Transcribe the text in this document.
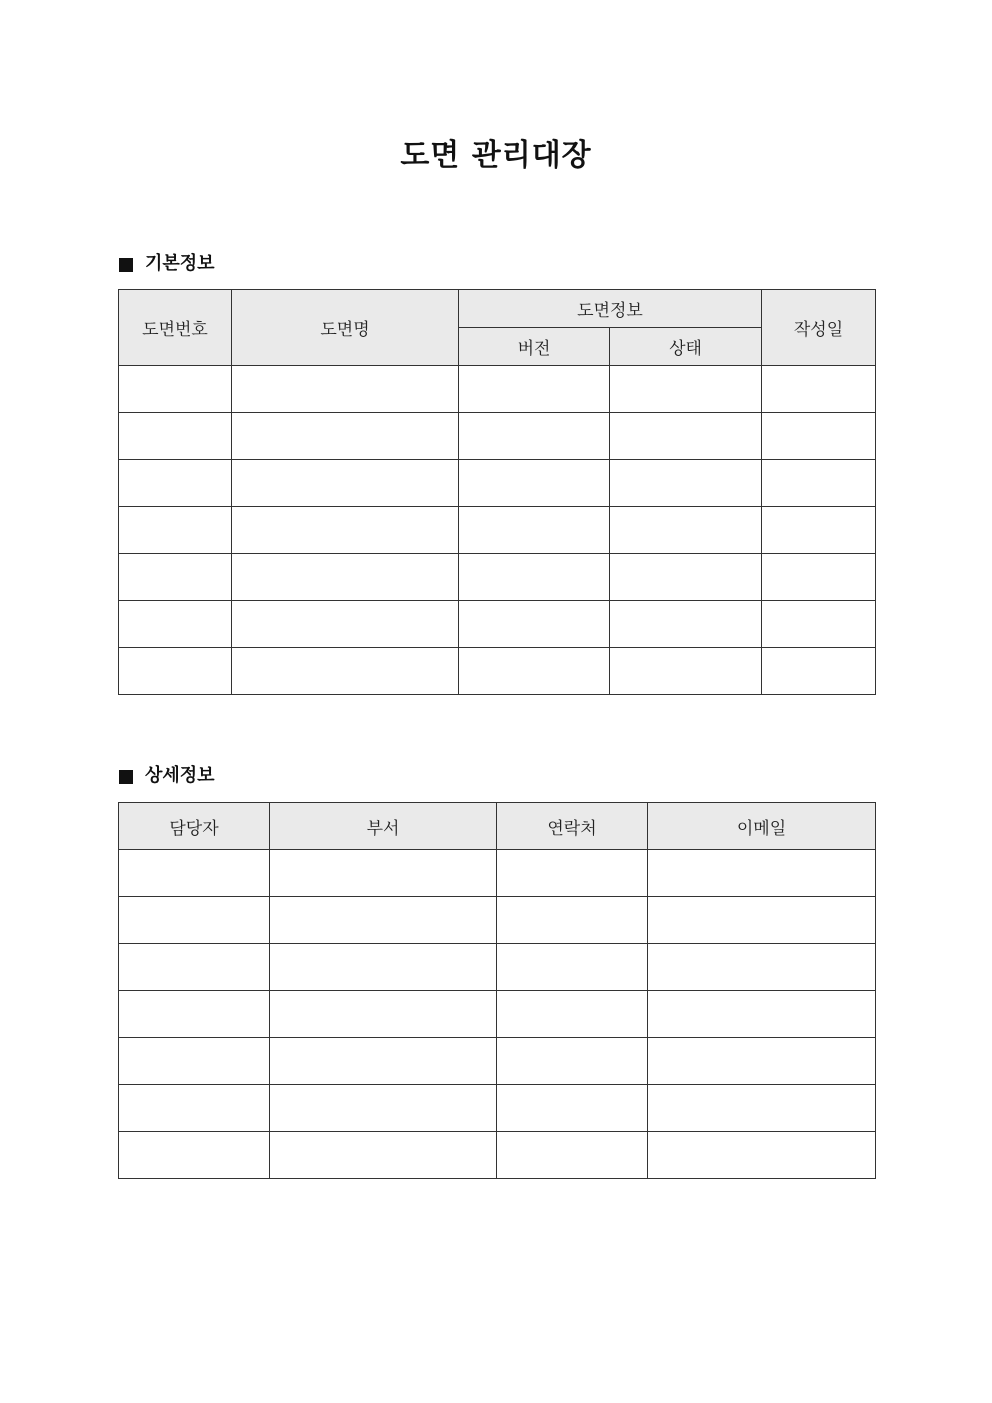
도면 관리대장
기본정보
도면번호	도면명	도면정보		작성일
		버전	상태	

상세정보
담당자	부서	연락처	이메일
